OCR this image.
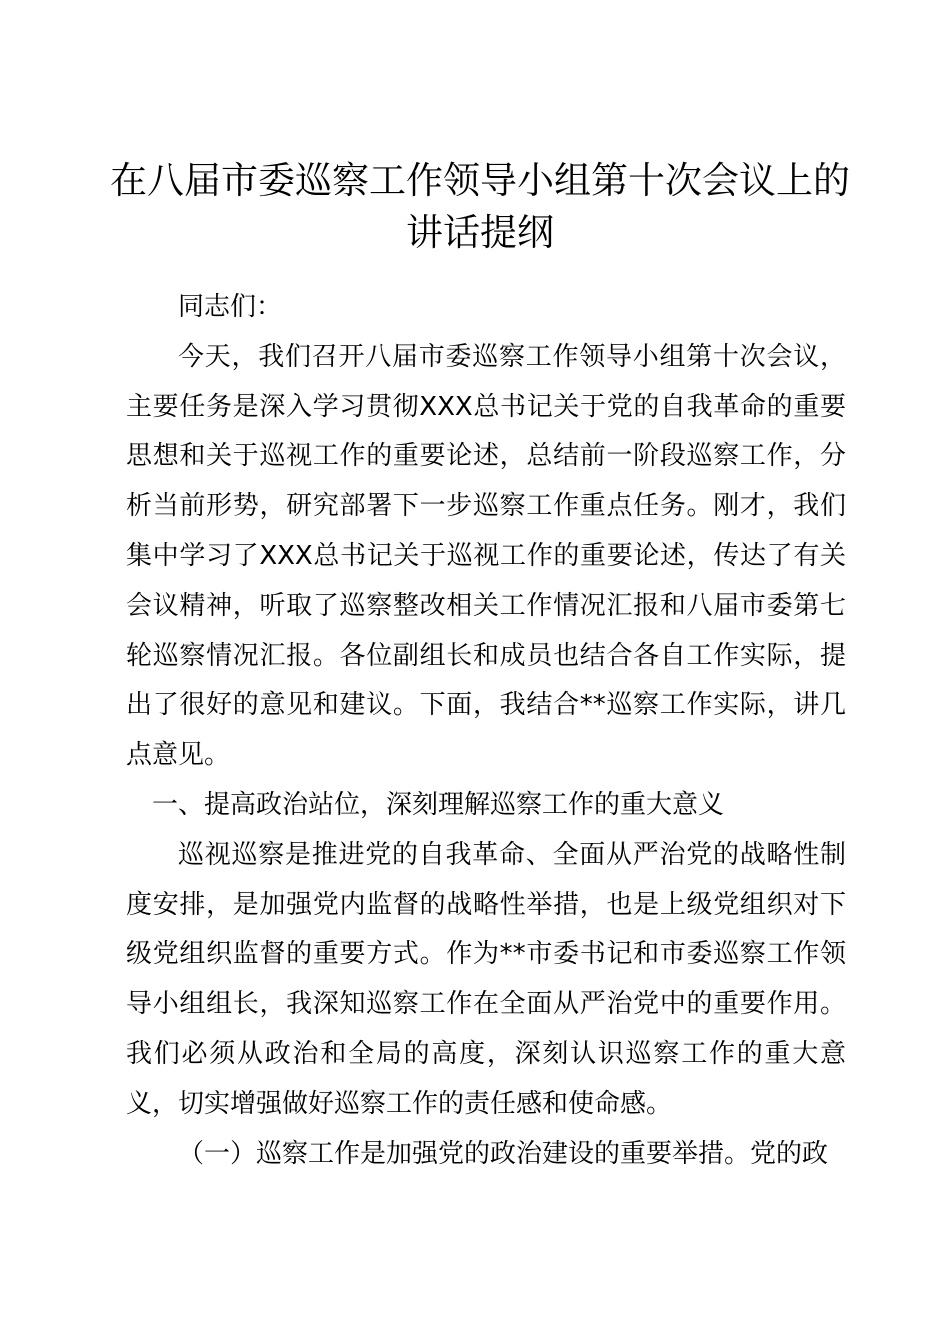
在八届市委巡察工作领导小组第十次会议上的
讲话提纲

同志们：

今天，我们召开八届市委巡察工作领导小组第十次会议，主要任务是深入学习贯彻XXX总书记关于党的自我革命的重要思想和关于巡视工作的重要论述，总结前一阶段巡察工作，分析当前形势，研究部署下一步巡察工作重点任务。刚才，我们集中学习了XXX总书记关于巡视工作的重要论述，传达了有关会议精神，听取了巡察整改相关工作情况汇报和八届市委第七轮巡察情况汇报。各位副组长和成员也结合各自工作实际，提出了很好的意见和建议。下面，我结合**巡察工作实际，讲几点意见。

一、提高政治站位，深刻理解巡察工作的重大意义

巡视巡察是推进党的自我革命、全面从严治党的战略性制度安排，是加强党内监督的战略性举措，也是上级党组织对下级党组织监督的重要方式。作为**市委书记和市委巡察工作领导小组组长，我深知巡察工作在全面从严治党中的重要作用。我们必须从政治和全局的高度，深刻认识巡察工作的重大意义，切实增强做好巡察工作的责任感和使命感。

（一）巡察工作是加强党的政治建设的重要举措。党的政
